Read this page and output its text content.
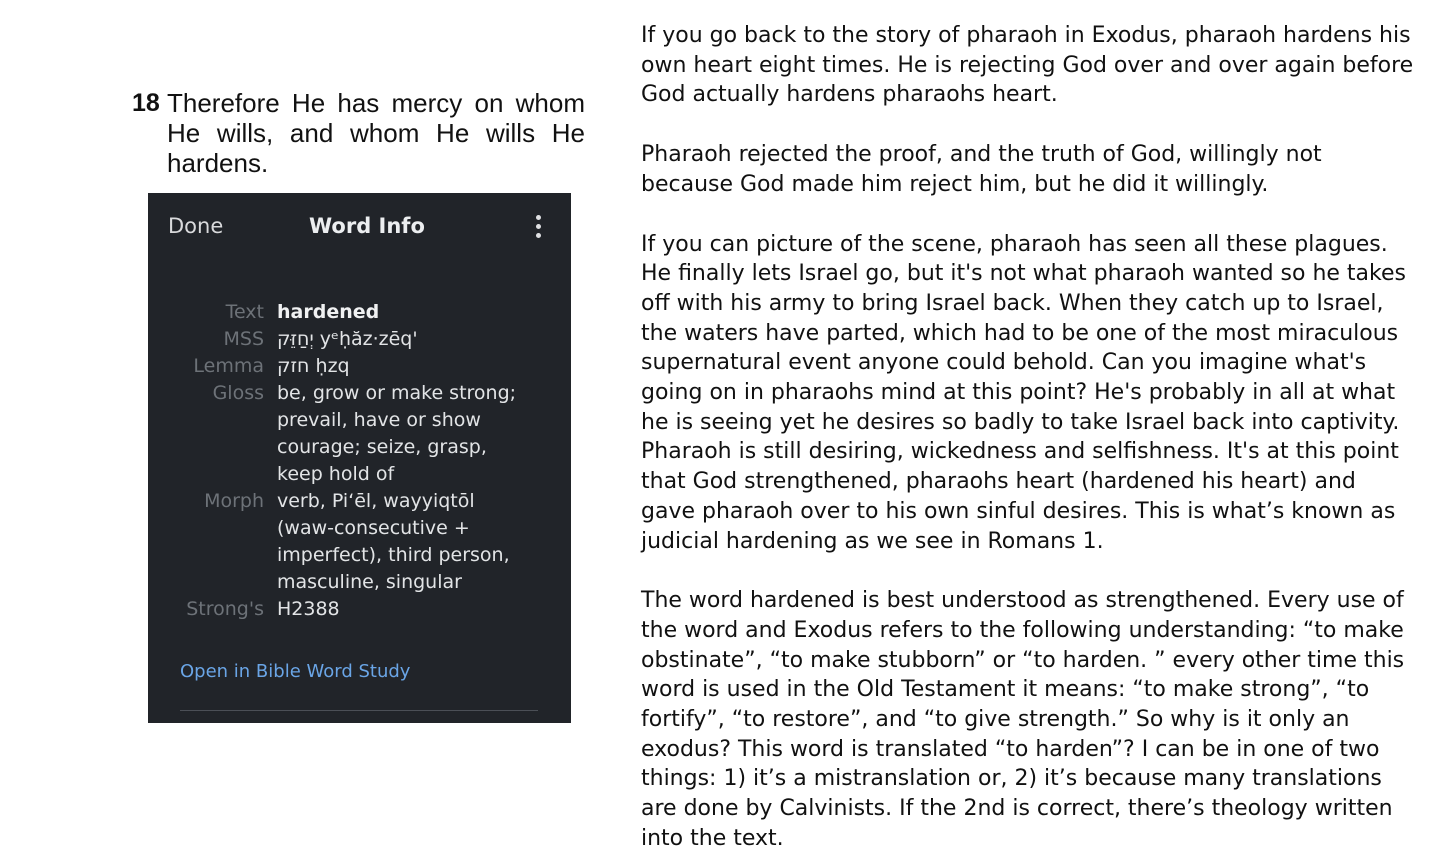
18 Therefore He has mercy on whom He wills, and whom He wills He hardens.
Done	Word Info
Text hardened
MSS יְחַזֵּק yᵉḥăz·zēq'
Lemma חזק ḥzq
Gloss be, grow or make strong; prevail, have or show courage; seize, grasp, keep hold of
Morph verb, Piʻēl, wayyiqtōl (waw-consecutive + imperfect), third person, masculine, singular
Strong's H2388
Open in Bible Word Study

If you go back to the story of pharaoh in Exodus, pharaoh hardens his own heart eight times. He is rejecting God over and over again before God actually hardens pharaohs heart.

Pharaoh rejected the proof, and the truth of God, willingly not because God made him reject him, but he did it willingly.

If you can picture of the scene, pharaoh has seen all these plagues. He finally lets Israel go, but it's not what pharaoh wanted so he takes off with his army to bring Israel back. When they catch up to Israel, the waters have parted, which had to be one of the most miraculous supernatural event anyone could behold. Can you imagine what's going on in pharaohs mind at this point? He's probably in all at what he is seeing yet he desires so badly to take Israel back into captivity. Pharaoh is still desiring, wickedness and selfishness. It's at this point that God strengthened, pharaohs heart (hardened his heart) and gave pharaoh over to his own sinful desires. This is what’s known as judicial hardening as we see in Romans 1.

The word hardened is best understood as strengthened. Every use of the word and Exodus refers to the following understanding: “to make obstinate”, “to make stubborn” or “to harden. ” every other time this word is used in the Old Testament it means: “to make strong”, “to fortify”, “to restore”, and “to give strength.” So why is it only an exodus? This word is translated “to harden”? I can be in one of two things: 1) it’s a mistranslation or, 2) it’s because many translations are done by Calvinists. If the 2nd is correct, there’s theology written into the text.
